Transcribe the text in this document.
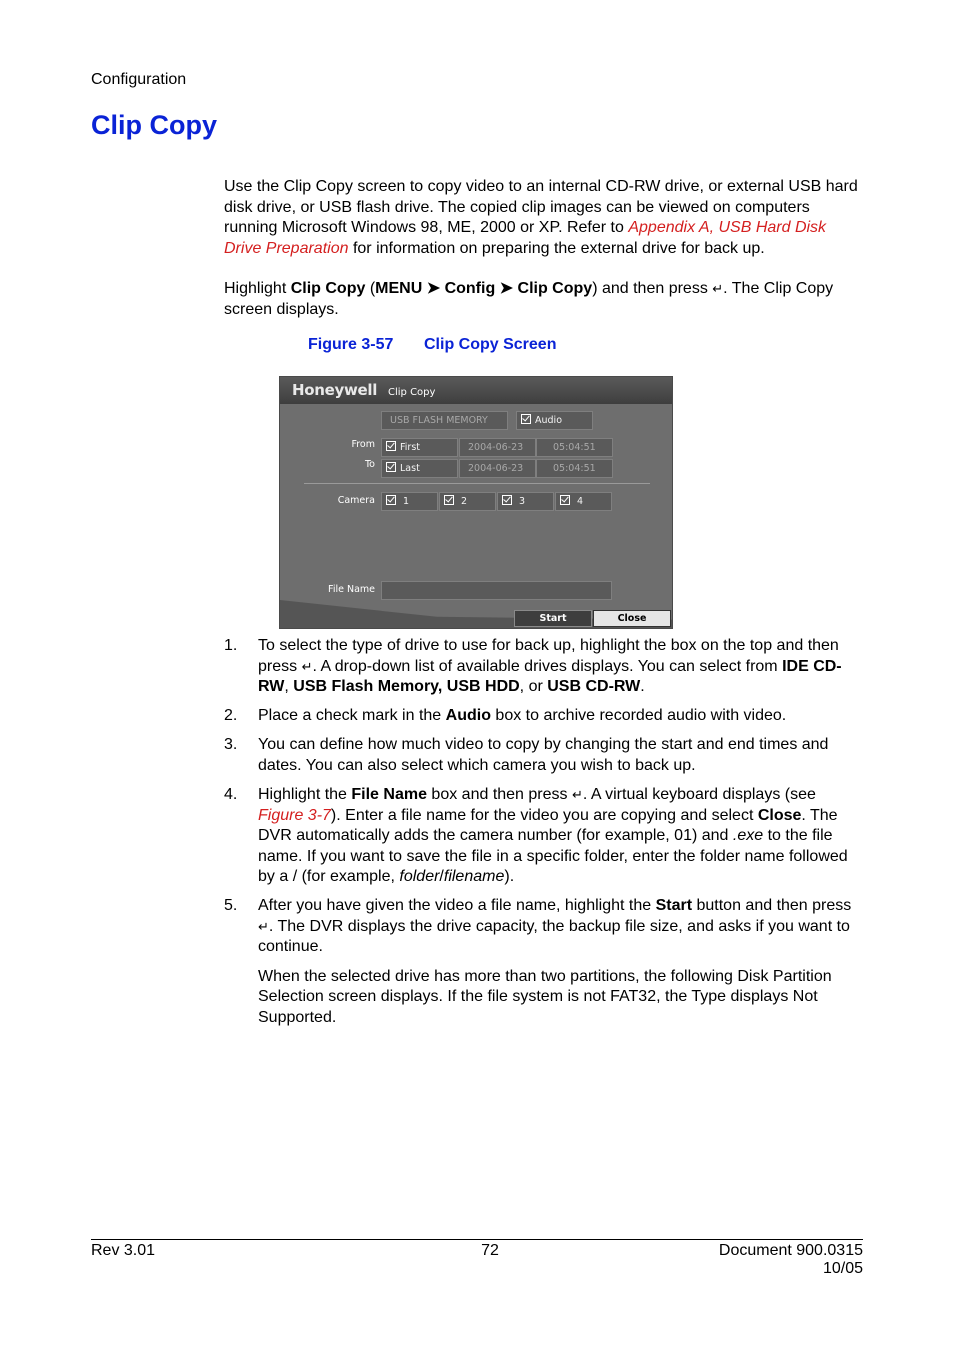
Configuration
Clip Copy
Use the Clip Copy screen to copy video to an internal CD-RW drive, or external USB hard disk drive, or USB flash drive. The copied clip images can be viewed on computers running Microsoft Windows 98, ME, 2000 or XP. Refer to Appendix A, USB Hard Disk Drive Preparation for information on preparing the external drive for back up.
Highlight Clip Copy (MENU ➤ Config ➤ Clip Copy) and then press ↵. The Clip Copy screen displays.
Figure 3-57 Clip Copy Screen
Honeywell Clip Copy
USB FLASH MEMORY	Audio
From
To
First	2004-06-23	05:04:51
Last	2004-06-23	05:04:51
Camera	1	2	3	4
File Name
Start	Close
1. To select the type of drive to use for back up, highlight the box on the top and then press ↵. A drop-down list of available drives displays. You can select from IDE CD-RW, USB Flash Memory, USB HDD, or USB CD-RW.
2. Place a check mark in the Audio box to archive recorded audio with video.
3. You can define how much video to copy by changing the start and end times and dates. You can also select which camera you wish to back up.
4. Highlight the File Name box and then press ↵. A virtual keyboard displays (see Figure 3-7). Enter a file name for the video you are copying and select Close. The DVR automatically adds the camera number (for example, 01) and .exe to the file name. If you want to save the file in a specific folder, enter the folder name followed by a / (for example, folder/filename).
5. After you have given the video a file name, highlight the Start button and then press ↵. The DVR displays the drive capacity, the backup file size, and asks if you want to continue.
When the selected drive has more than two partitions, the following Disk Partition Selection screen displays. If the file system is not FAT32, the Type displays Not Supported.
Rev 3.01	72	Document 900.0315
10/05
